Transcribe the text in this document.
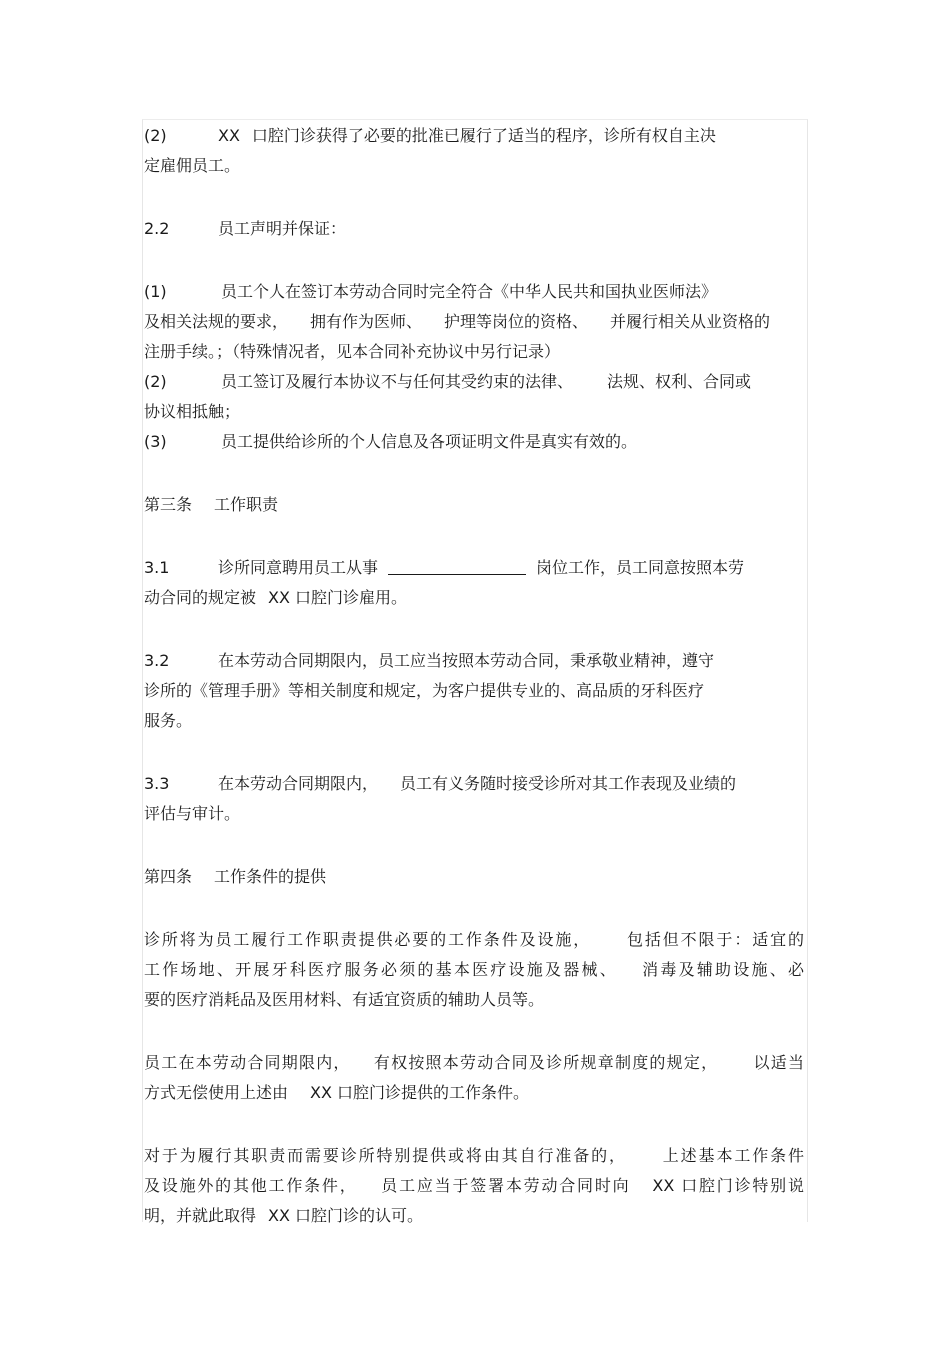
(2)	XX 口腔门诊获得了必要的批准已履行了适当的程序，诊所有权自主决
定雇佣员工。
2.2	员工声明并保证：
(1)	员工个人在签订本劳动合同时完全符合《中华人民共和国执业医师法》
及相关法规的要求， 拥有作为医师、 护理等岗位的资格、 并履行相关从业资格的
注册手续。；（特殊情况者，见本合同补充协议中另行记录）
(2)	员工签订及履行本协议不与任何其受约束的法律、 法规、权利、合同或
协议相抵触；
(3)	员工提供给诊所的个人信息及各项证明文件是真实有效的。
第三条 工作职责
3.1	诊所同意聘用员工从事	岗位工作，员工同意按照本劳
动合同的规定被 XX 口腔门诊雇用。
3.2	在本劳动合同期限内，员工应当按照本劳动合同，秉承敬业精神，遵守
诊所的《管理手册》等相关制度和规定，为客户提供专业的、高品质的牙科医疗
服务。
3.3	在本劳动合同期限内， 员工有义务随时接受诊所对其工作表现及业绩的
评估与审计。
第四条 工作条件的提供
诊所将为员工履行工作职责提供必要的工作条件及设施， 包括但不限于：适宜的
工作场地、开展牙科医疗服务必须的基本医疗设施及器械、 消毒及辅助设施、必
要的医疗消耗品及医用材料、有适宜资质的辅助人员等。
员工在本劳动合同期限内， 有权按照本劳动合同及诊所规章制度的规定， 以适当
方式无偿使用上述由 XX 口腔门诊提供的工作条件。
对于为履行其职责而需要诊所特别提供或将由其自行准备的， 上述基本工作条件
及设施外的其他工作条件， 员工应当于签署本劳动合同时向 XX 口腔门诊特别说
明，并就此取得 XX 口腔门诊的认可。
